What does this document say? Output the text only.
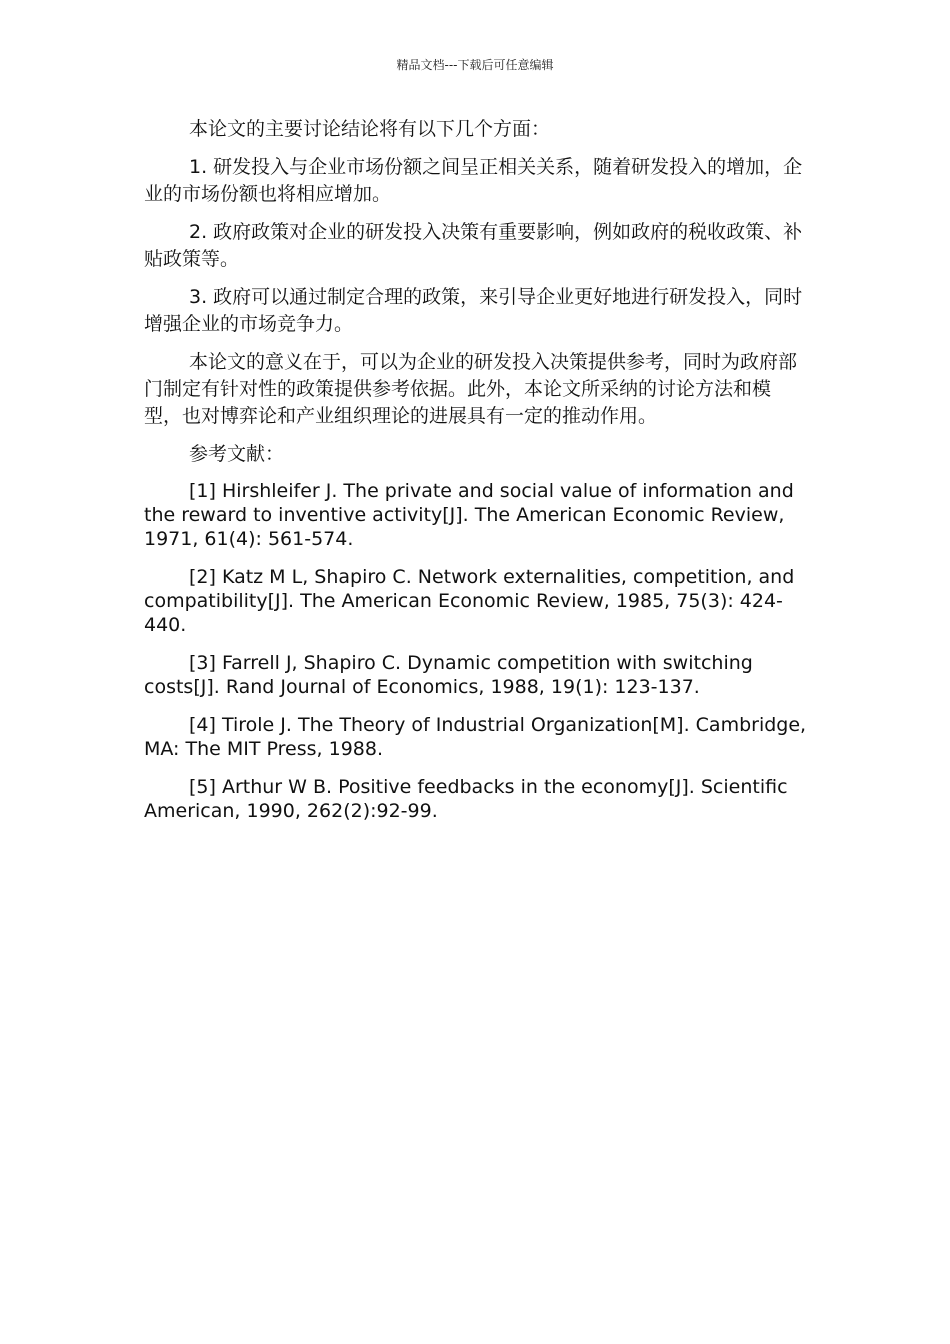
精品文档---下载后可任意编辑

本论文的主要讨论结论将有以下几个方面：

1. 研发投入与企业市场份额之间呈正相关关系，随着研发投入的增加，企业的市场份额也将相应增加。

2. 政府政策对企业的研发投入决策有重要影响，例如政府的税收政策、补贴政策等。

3. 政府可以通过制定合理的政策，来引导企业更好地进行研发投入，同时增强企业的市场竞争力。

本论文的意义在于，可以为企业的研发投入决策提供参考，同时为政府部门制定有针对性的政策提供参考依据。此外，本论文所采纳的讨论方法和模型，也对博弈论和产业组织理论的进展具有一定的推动作用。

参考文献：

[1] Hirshleifer J. The private and social value of information and the reward to inventive activity[J]. The American Economic Review, 1971, 61(4): 561-574.

[2] Katz M L, Shapiro C. Network externalities, competition, and compatibility[J]. The American Economic Review, 1985, 75(3): 424-440.

[3] Farrell J, Shapiro C. Dynamic competition with switching costs[J]. Rand Journal of Economics, 1988, 19(1): 123-137.

[4] Tirole J. The Theory of Industrial Organization[M]. Cambridge, MA: The MIT Press, 1988.

[5] Arthur W B. Positive feedbacks in the economy[J]. Scientific American, 1990, 262(2):92-99.
